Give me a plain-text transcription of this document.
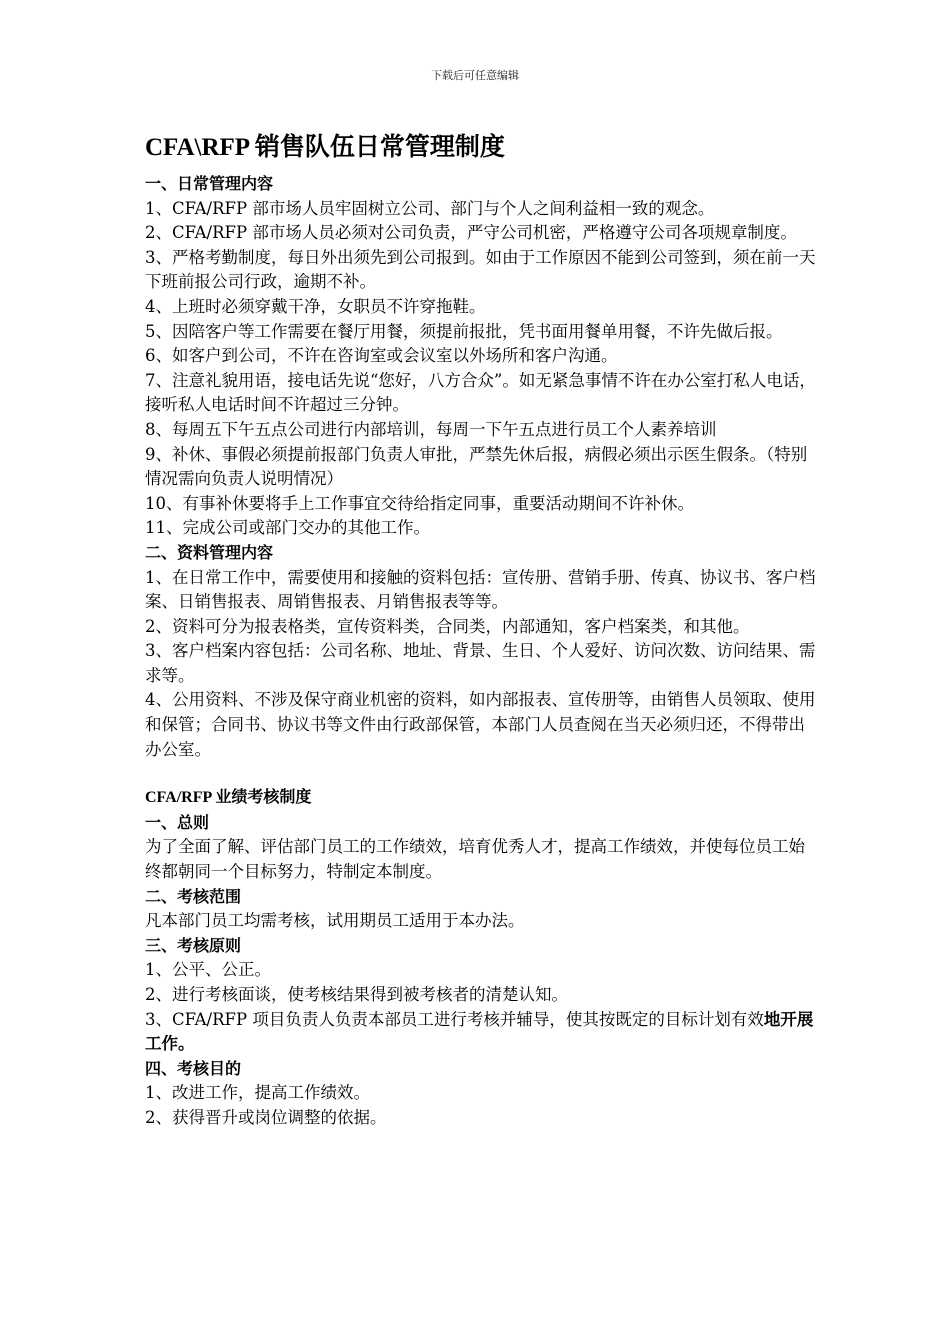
下载后可任意编辑
CFA\RFP 销售队伍日常管理制度
一、日常管理内容
1、CFA/RFP 部市场人员牢固树立公司、部门与个人之间利益相一致的观念。
2、CFA/RFP 部市场人员必须对公司负责，严守公司机密，严格遵守公司各项规章制度。
3、严格考勤制度，每日外出须先到公司报到。如由于工作原因不能到公司签到，须在前一天下班前报公司行政，逾期不补。
4、上班时必须穿戴干净，女职员不许穿拖鞋。
5、因陪客户等工作需要在餐厅用餐，须提前报批，凭书面用餐单用餐，不许先做后报。
6、如客户到公司，不许在咨询室或会议室以外场所和客户沟通。
7、注意礼貌用语，接电话先说“您好，八方合众”。如无紧急事情不许在办公室打私人电话，接听私人电话时间不许超过三分钟。
8、每周五下午五点公司进行内部培训，每周一下午五点进行员工个人素养培训
9、补休、事假必须提前报部门负责人审批，严禁先休后报，病假必须出示医生假条。（特别情况需向负责人说明情况）
10、有事补休要将手上工作事宜交待给指定同事，重要活动期间不许补休。
11、完成公司或部门交办的其他工作。
二、资料管理内容
1、在日常工作中，需要使用和接触的资料包括：宣传册、营销手册、传真、协议书、客户档案、日销售报表、周销售报表、月销售报表等等。
2、资料可分为报表格类，宣传资料类，合同类，内部通知，客户档案类，和其他。
3、客户档案内容包括：公司名称、地址、背景、生日、个人爱好、访问次数、访问结果、需求等。
4、公用资料、不涉及保守商业机密的资料，如内部报表、宣传册等，由销售人员领取、使用和保管；合同书、协议书等文件由行政部保管，本部门人员查阅在当天必须归还，不得带出办公室。
CFA/RFP 业绩考核制度
一、总则
为了全面了解、评估部门员工的工作绩效，培育优秀人才，提高工作绩效，并使每位员工始终都朝同一个目标努力，特制定本制度。
二、考核范围
凡本部门员工均需考核，试用期员工适用于本办法。
三、考核原则
1、公平、公正。
2、进行考核面谈，使考核结果得到被考核者的清楚认知。
3、CFA/RFP 项目负责人负责本部员工进行考核并辅导，使其按既定的目标计划有效地开展工作。
四、考核目的
1、改进工作，提高工作绩效。
2、获得晋升或岗位调整的依据。
